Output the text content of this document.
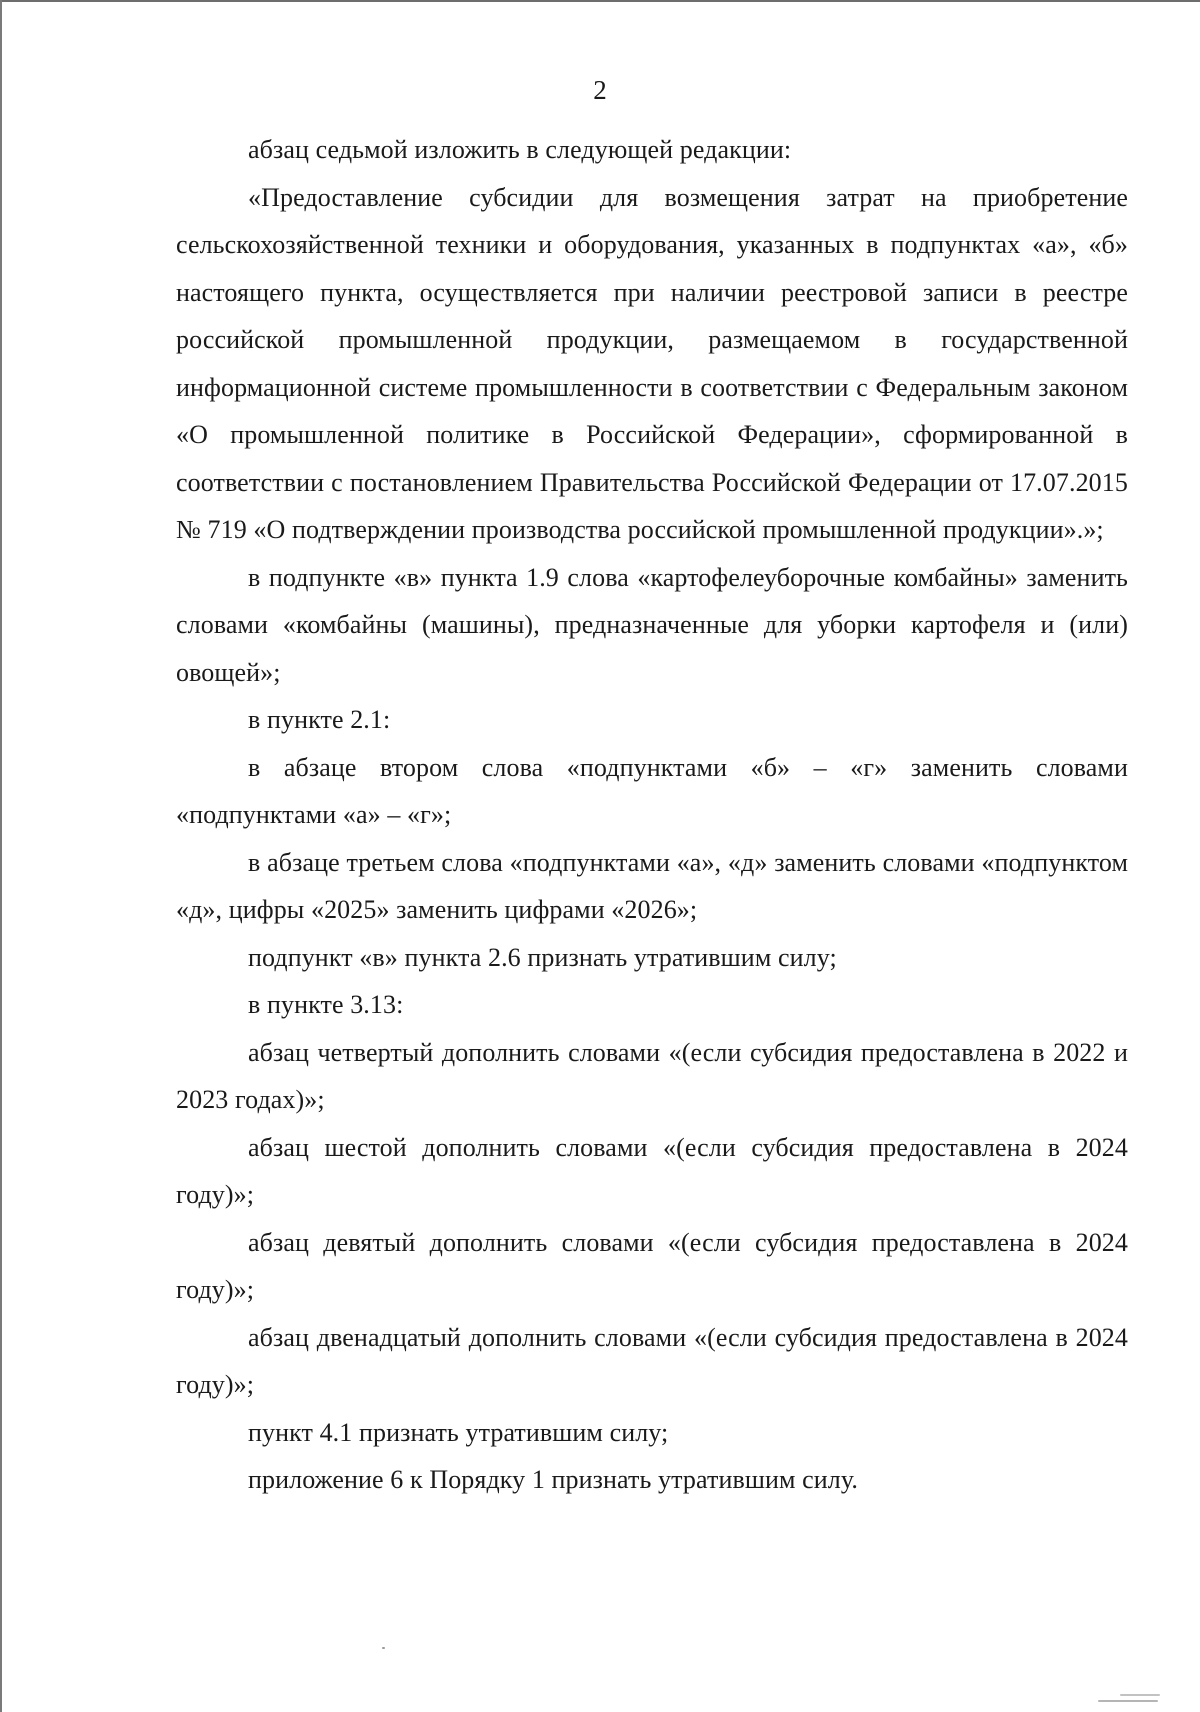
2

абзац седьмой изложить в следующей редакции:

«Предоставление субсидии для возмещения затрат на приобретение сельскохозяйственной техники и оборудования, указанных в подпунктах «а», «б» настоящего пункта, осуществляется при наличии реестровой записи в реестре российской промышленной продукции, размещаемом в государственной информационной системе промышленности в соответствии с Федеральным законом «О промышленной политике в Российской Федерации», сформированной в соответствии с постановлением Правительства Российской Федерации от 17.07.2015 № 719 «О подтверждении производства российской промышленной продукции».»;

в подпункте «в» пункта 1.9 слова «картофелеуборочные комбайны» заменить словами «комбайны (машины), предназначенные для уборки картофеля и (или) овощей»;

в пункте 2.1:

в абзаце втором слова «подпунктами «б» – «г» заменить словами «подпунктами «а» – «г»;

в абзаце третьем слова «подпунктами «а», «д» заменить словами «подпунктом «д», цифры «2025» заменить цифрами «2026»;

подпункт «в» пункта 2.6 признать утратившим силу;

в пункте 3.13:

абзац четвертый дополнить словами «(если субсидия предоставлена в 2022 и 2023 годах)»;

абзац шестой дополнить словами «(если субсидия предоставлена в 2024 году)»;

абзац девятый дополнить словами «(если субсидия предоставлена в 2024 году)»;

абзац двенадцатый дополнить словами «(если субсидия предоставлена в 2024 году)»;

пункт 4.1 признать утратившим силу;

приложение 6 к Порядку 1 признать утратившим силу.
